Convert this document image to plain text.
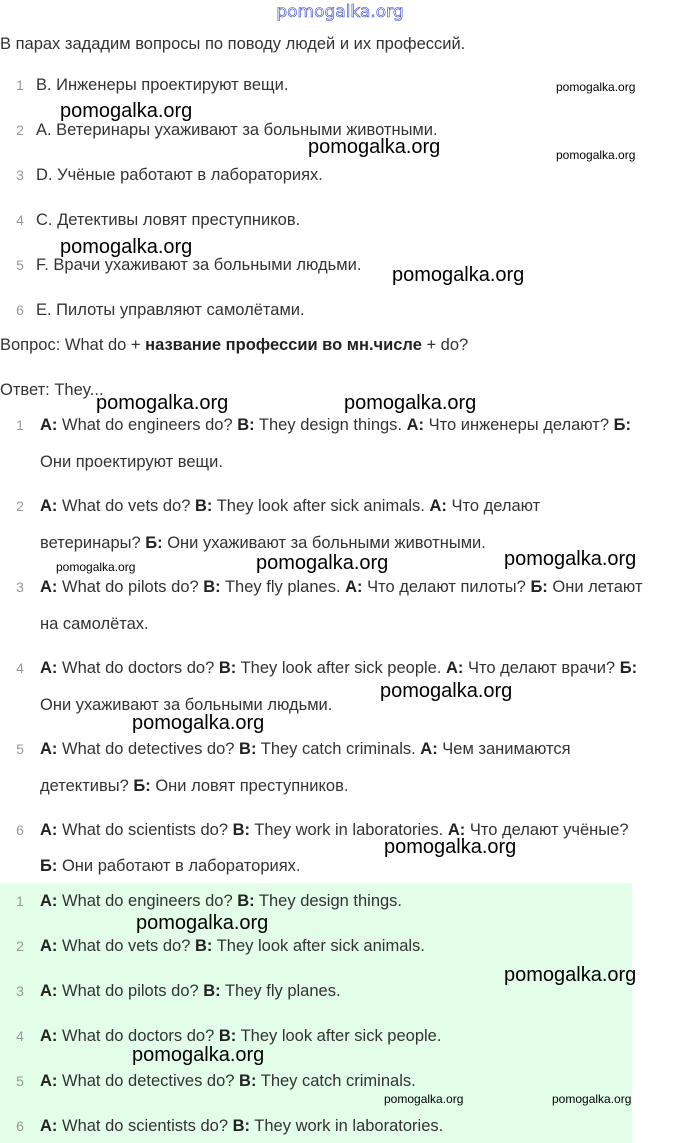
pomogalka.org
В парах зададим вопросы по поводу людей и их профессий.
1 B. Инженеры проектируют вещи.
2 A. Ветеринары ухаживают за больными животными.
3 D. Учёные работают в лабораториях.
4 C. Детективы ловят преступников.
5 F. Врачи ухаживают за больными людьми.
6 E. Пилоты управляют самолётами.
Вопрос: What do + название профессии во мн.числе + do?
Ответ: They...
1 A: What do engineers do? B: They design things. А: Что инженеры делают? Б:
Они проектируют вещи.
2 A: What do vets do? B: They look after sick animals. А: Что делают
ветеринары? Б: Они ухаживают за больными животными.
3 A: What do pilots do? B: They fly planes. А: Что делают пилоты? Б: Они летают
на самолётах.
4 A: What do doctors do? B: They look after sick people. А: Что делают врачи? Б:
Они ухаживают за больными людьми.
5 A: What do detectives do? B: They catch criminals. А: Чем занимаются
детективы? Б: Они ловят преступников.
6 A: What do scientists do? B: They work in laboratories. А: Что делают учёные?
Б: Они работают в лабораториях.
1 A: What do engineers do? B: They design things.
2 A: What do vets do? B: They look after sick animals.
3 A: What do pilots do? B: They fly planes.
4 A: What do doctors do? B: They look after sick people.
5 A: What do detectives do? B: They catch criminals.
6 A: What do scientists do? B: They work in laboratories.
pomogalka.org
pomogalka.org
pomogalka.org	pomogalka.org
pomogalka.org
pomogalka.org
pomogalka.org	pomogalka.org
pomogalka.org	pomogalka.org	pomogalka.org
pomogalka.org
pomogalka.org
pomogalka.org
pomogalka.org
pomogalka.org
pomogalka.org
pomogalka.org	pomogalka.org
